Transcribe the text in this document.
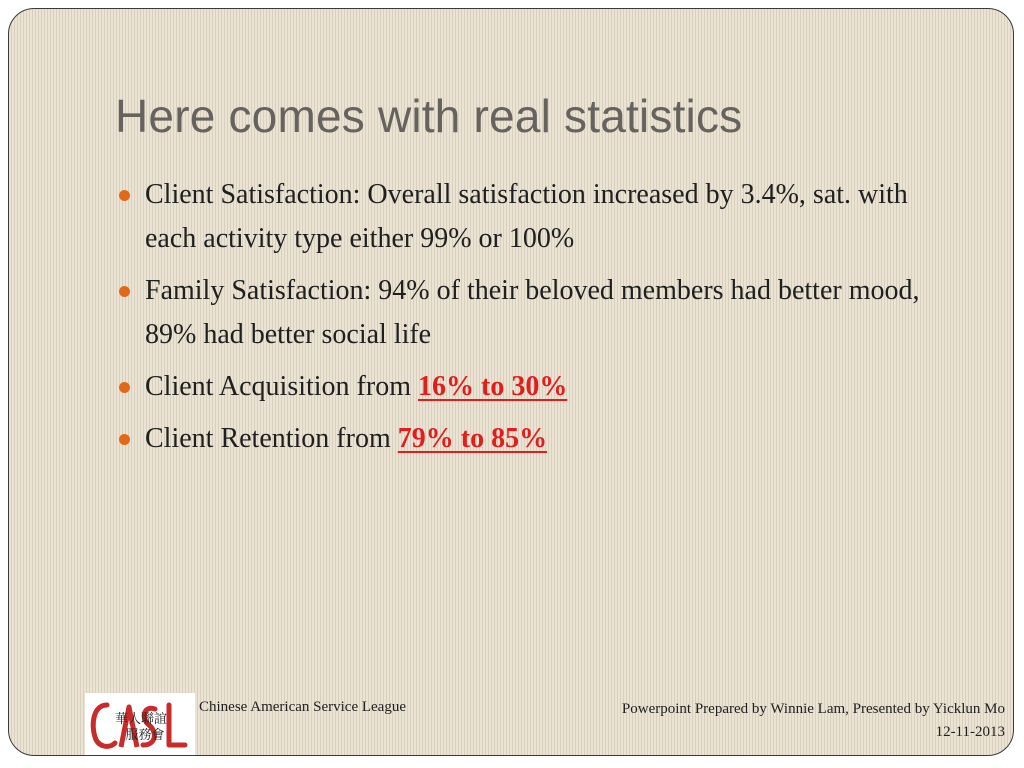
Here comes with real statistics
Client Satisfaction: Overall satisfaction increased by 3.4%, sat. with each activity type either 99% or 100%
Family Satisfaction: 94% of their beloved members had better mood, 89% had better social life
Client Acquisition from 16% to 30%
Client Retention from 79% to 85%
華人聯誼
服務會
Chinese American Service League	Powerpoint Prepared by Winnie Lam, Presented by Yicklun Mo
12-11-2013
